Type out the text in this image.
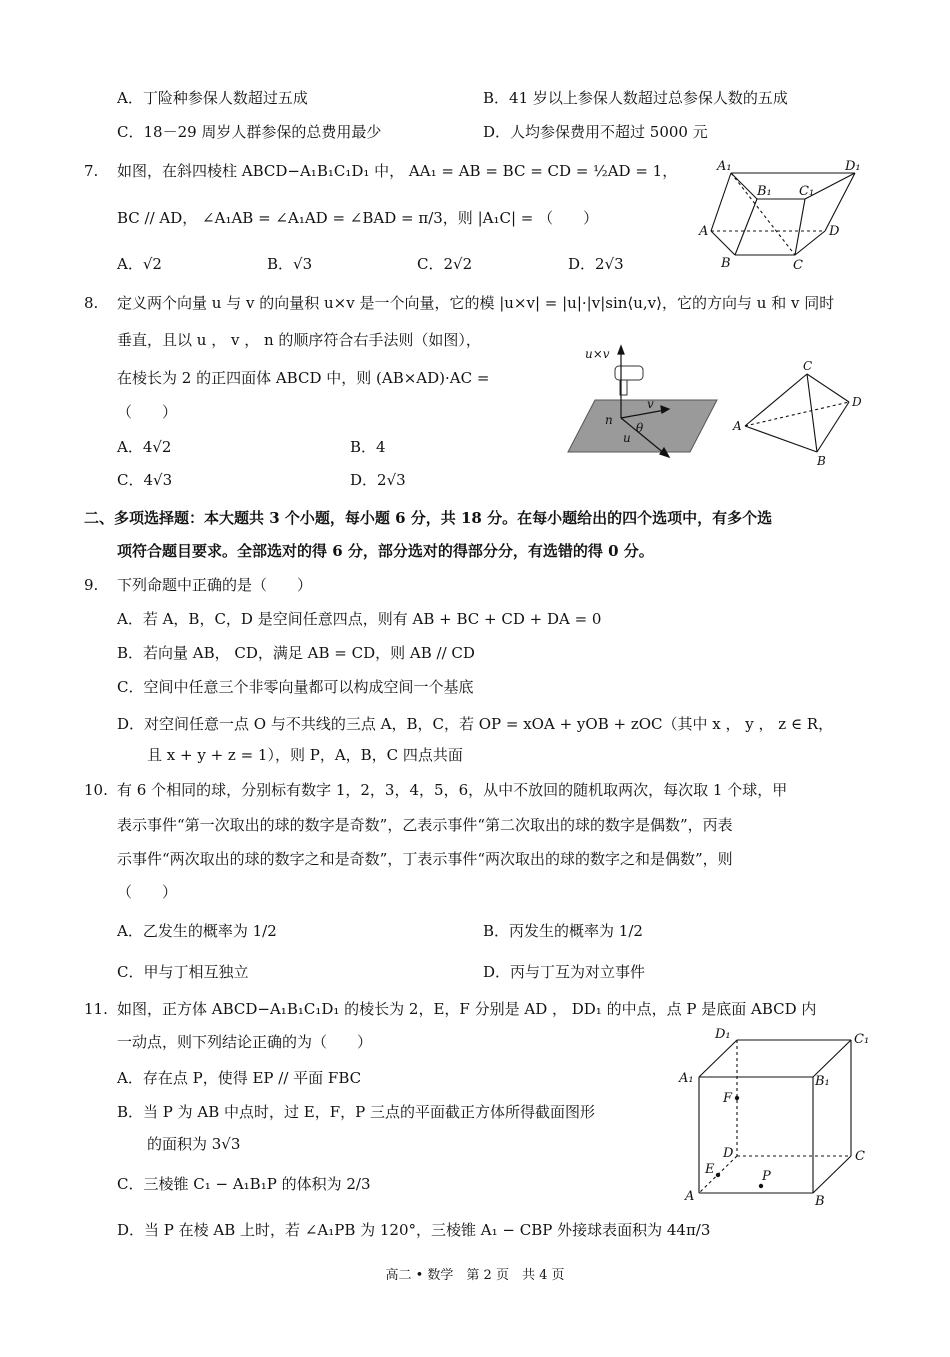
A．丁险种参保人数超过五成	B．41 岁以上参保人数超过总参保人数的五成
C．18－29 周岁人群参保的总费用最少	D．人均参保费用不超过 5000 元
7. 如图，在斜四棱柱 ABCD−A₁B₁C₁D₁ 中， AA₁ = AB = BC = CD = ½AD = 1，
BC // AD， ∠A₁AB = ∠A₁AD = ∠BAD = π/3，则 |A₁C| = （　　）
A．√2	B．√3	C．2√2	D．2√3
A₁
B₁ C₁
D₁
A
B	C
D
8. 定义两个向量 u 与 v 的向量积 u×v 是一个向量，它的模 |u×v| = |u|·|v|sin⟨u,v⟩，它的方向与 u 和 v 同时
垂直，且以 u ， v ， n 的顺序符合右手法则（如图），
在棱长为 2 的正四面体 ABCD 中，则 (AB×AD)·AC =
（　　）
A．4√2	B．4
C．4√3	D．2√3
u×v
v
n
θ
u
A
B
C
D
二、多项选择题：本大题共 3 个小题，每小题 6 分，共 18 分。在每小题给出的四个选项中，有多个选
项符合题目要求。全部选对的得 6 分，部分选对的得部分分，有选错的得 0 分。
9. 下列命题中正确的是（　　）
A．若 A，B，C，D 是空间任意四点，则有 AB + BC + CD + DA = 0
B．若向量 AB， CD，满足 AB = CD，则 AB // CD
C．空间中任意三个非零向量都可以构成空间一个基底
D．对空间任意一点 O 与不共线的三点 A，B，C，若 OP = xOA + yOB + zOC（其中 x ， y ， z ∈ R，
且 x + y + z = 1），则 P，A，B，C 四点共面
10. 有 6 个相同的球，分别标有数字 1，2，3，4，5，6，从中不放回的随机取两次，每次取 1 个球，甲
表示事件“第一次取出的球的数字是奇数”，乙表示事件“第二次取出的球的数字是偶数”，丙表
示事件“两次取出的球的数字之和是奇数”，丁表示事件“两次取出的球的数字之和是偶数”，则
（　　）
A．乙发生的概率为 1/2	B．丙发生的概率为 1/2
C．甲与丁相互独立	D．丙与丁互为对立事件
11. 如图，正方体 ABCD−A₁B₁C₁D₁ 的棱长为 2，E，F 分别是 AD ， DD₁ 的中点，点 P 是底面 ABCD 内
一动点，则下列结论正确的为（　　）
A．存在点 P，使得 EP // 平面 FBC
B．当 P 为 AB 中点时，过 E，F，P 三点的平面截正方体所得截面图形
的面积为 3√3
C．三棱锥 C₁ − A₁B₁P 的体积为 2/3
D．当 P 在棱 AB 上时，若 ∠A₁PB 为 120°，三棱锥 A₁ − CBP 外接球表面积为 44π/3
D₁	C₁
A₁	B₁
F
D	C
E	P
A	B
高二 • 数学　第 2 页　共 4 页
